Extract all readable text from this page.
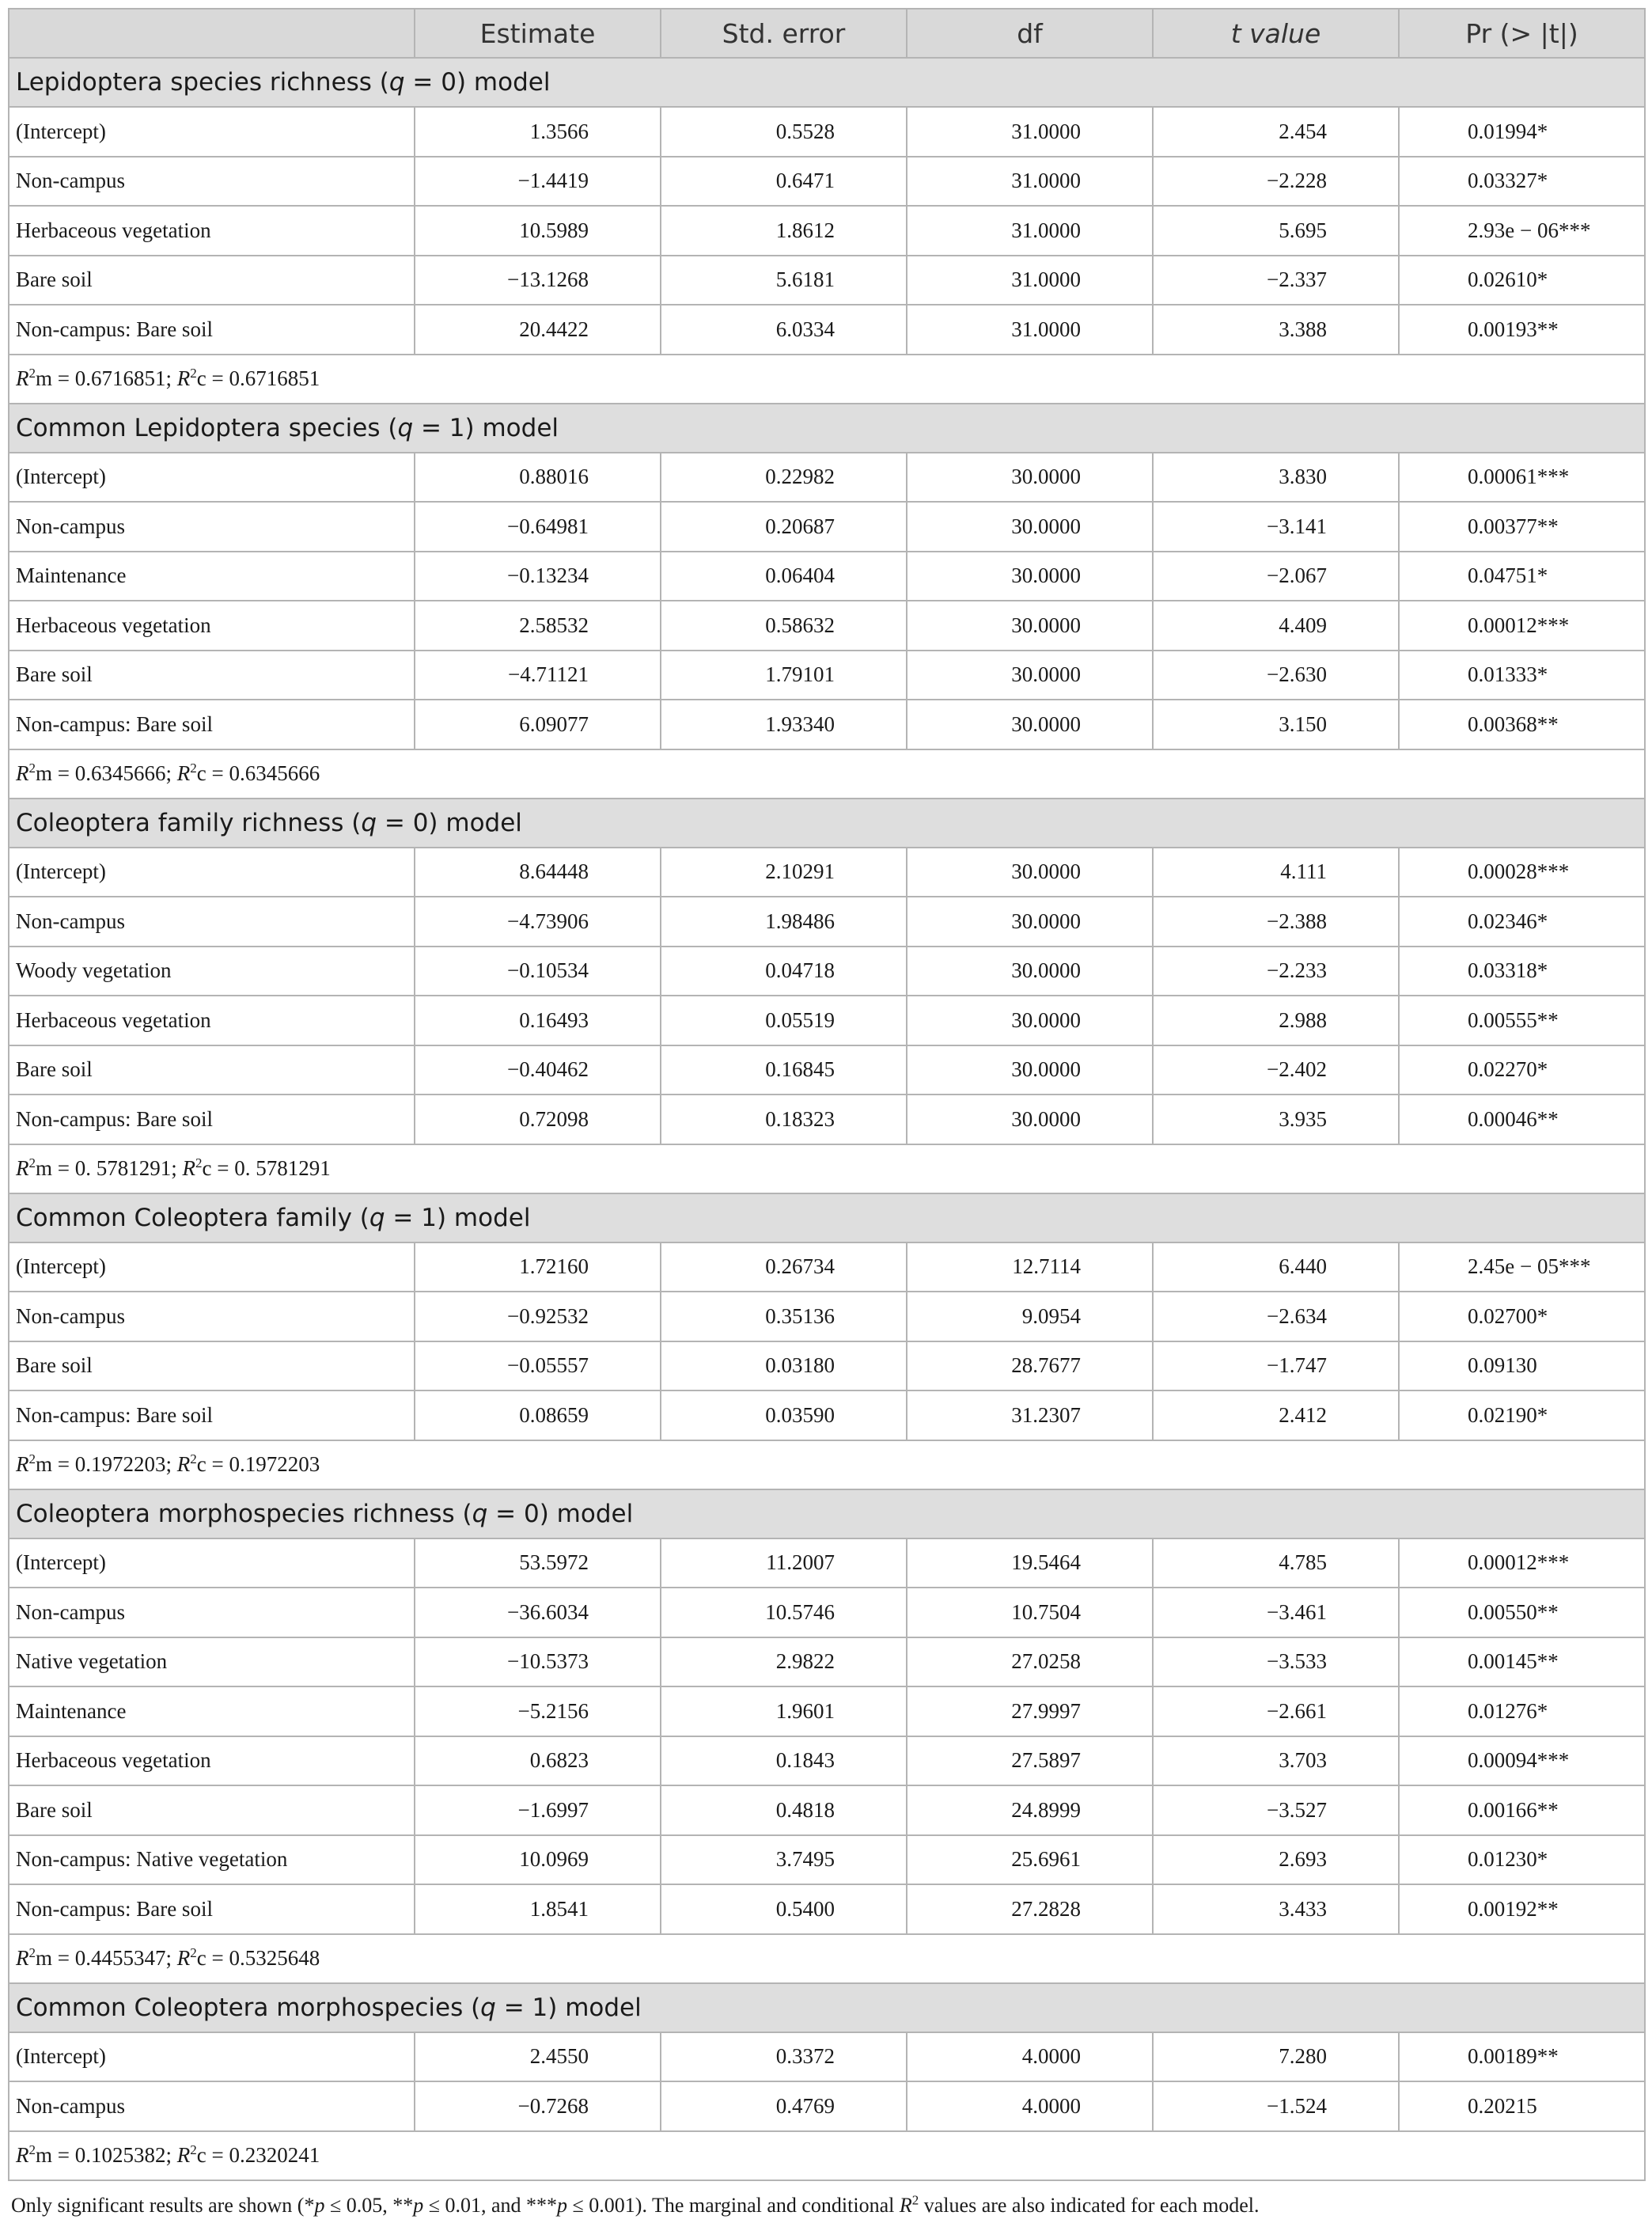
	Estimate	Std. error	df	t value	Pr (> |t|)
Lepidoptera species richness (q = 0) model					
(Intercept)	1.3566	0.5528	31.0000	2.454	0.01994*
Non-campus	−1.4419	0.6471	31.0000	−2.228	0.03327*
Herbaceous vegetation	10.5989	1.8612	31.0000	5.695	2.93e − 06***
Bare soil	−13.1268	5.6181	31.0000	−2.337	0.02610*
Non-campus: Bare soil	20.4422	6.0334	31.0000	3.388	0.00193**
$R^2m = 0.6716851$; $R^2c = 0.6716851$					
Common Lepidoptera species (q = 1) model					
(Intercept)	0.88016	0.22982	30.0000	3.830	0.00061***
Non-campus	−0.64981	0.20687	30.0000	−3.141	0.00377**
Maintenance	−0.13234	0.06404	30.0000	−2.067	0.04751*
Herbaceous vegetation	2.58532	0.58632	30.0000	4.409	0.00012***
Bare soil	−4.71121	1.79101	30.0000	−2.630	0.01333*
Non-campus: Bare soil	6.09077	1.93340	30.0000	3.150	0.00368**
$R^2m = 0.6345666$; $R^2c = 0.6345666$					
Coleoptera family richness (q = 0) model					
(Intercept)	8.64448	2.10291	30.0000	4.111	0.00028***
Non-campus	−4.73906	1.98486	30.0000	−2.388	0.02346*
Woody vegetation	−0.10534	0.04718	30.0000	−2.233	0.03318*
Herbaceous vegetation	0.16493	0.05519	30.0000	2.988	0.00555**
Bare soil	−0.40462	0.16845	30.0000	−2.402	0.02270*
Non-campus: Bare soil	0.72098	0.18323	30.0000	3.935	0.00046**
$R^2m = 0$. 5781291; $R^2c = 0$. 5781291					
Common Coleoptera family (q = 1) model					
(Intercept)	1.72160	0.26734	12.7114	6.440	2.45e − 05***
Non-campus	−0.92532	0.35136	9.0954	−2.634	0.02700*
Bare soil	−0.05557	0.03180	28.7677	−1.747	0.09130
Non-campus: Bare soil	0.08659	0.03590	31.2307	2.412	0.02190*
$R^2m = 0.1972203$; $R^2c = 0.1972203$					
Coleoptera morphospecies richness (q = 0) model					
(Intercept)	53.5972	11.2007	19.5464	4.785	0.00012***
Non-campus	−36.6034	10.5746	10.7504	−3.461	0.00550**
Native vegetation	−10.5373	2.9822	27.0258	−3.533	0.00145**
Maintenance	−5.2156	1.9601	27.9997	−2.661	0.01276*
Herbaceous vegetation	0.6823	0.1843	27.5897	3.703	0.00094***
Bare soil	−1.6997	0.4818	24.8999	−3.527	0.00166**
Non-campus: Native vegetation	10.0969	3.7495	25.6961	2.693	0.01230*
Non-campus: Bare soil	1.8541	0.5400	27.2828	3.433	0.00192**
$R^2m = 0.4455347$; $R^2c = 0.5325648$					
Common Coleoptera morphospecies (q = 1) model					
(Intercept)	2.4550	0.3372	4.0000	7.280	0.00189**
Non-campus	−0.7268	0.4769	4.0000	−1.524	0.20215
$R^2m = 0.1025382$; $R^2c = 0.2320241$					
Only significant results are shown (*p ≤ 0.05, **p ≤ 0.01, and ***p ≤ 0.001). The marginal and conditional $R^2$ values are also indicated for each model.
